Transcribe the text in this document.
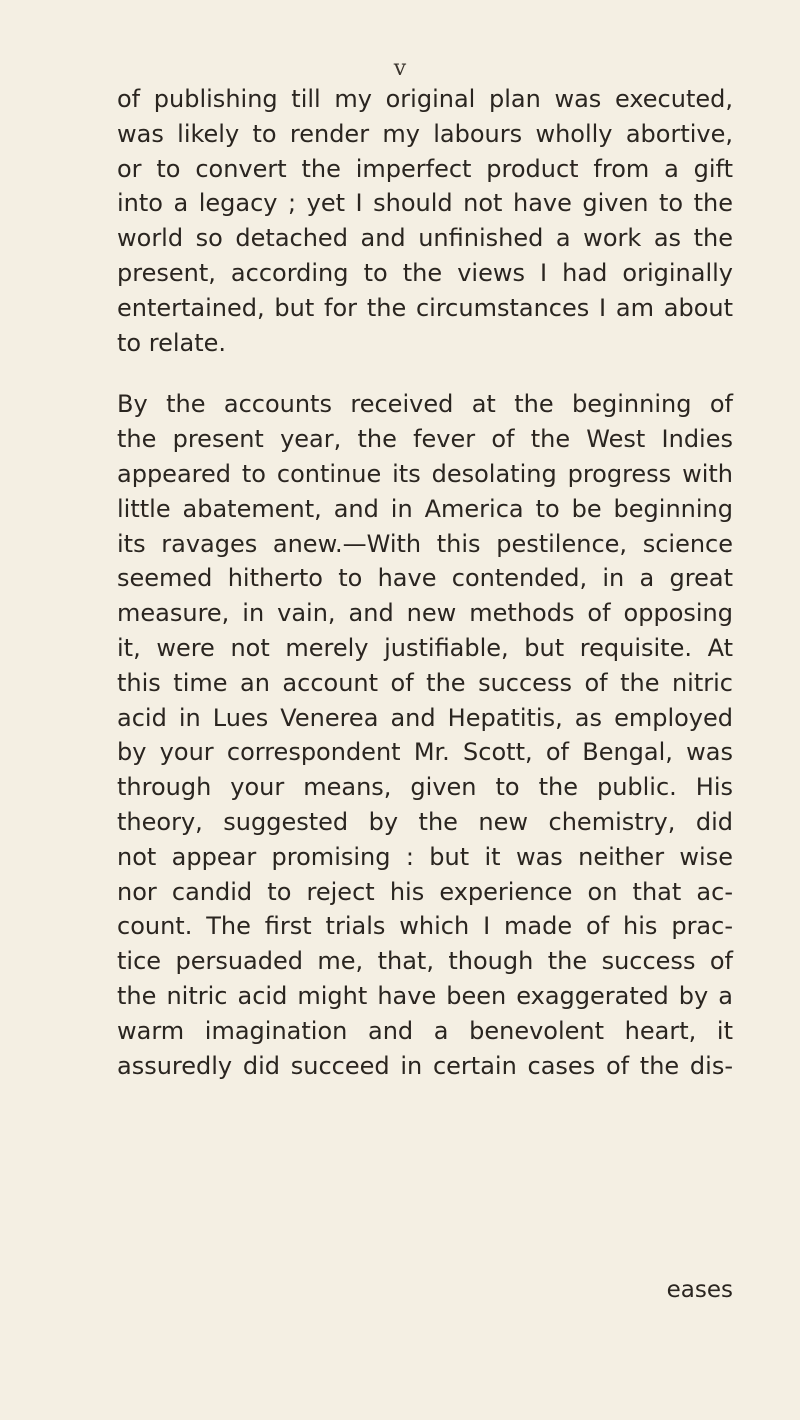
v
of publishing till my original plan was executed,
was likely to render my labours wholly abortive,
or to convert the imperfect product from a gift
into a legacy ; yet I should not have given to the
world so detached and unfinished a work as the
present, according to the views I had originally
entertained, but for the circumstances I am about
to relate.
By the accounts received at the beginning of
the present year, the fever of the West Indies
appeared to continue its desolating progress with
little abatement, and in America to be beginning
its ravages anew.—With this pestilence, science
seemed hitherto to have contended, in a great
measure, in vain, and new methods of opposing
it, were not merely justifiable, but requisite. At
this time an account of the success of the nitric
acid in Lues Venerea and Hepatitis, as employed
by your correspondent Mr. Scott, of Bengal, was
through your means, given to the public. His
theory, suggested by the new chemistry, did
not appear promising : but it was neither wise
nor candid to reject his experience on that ac-
count. The first trials which I made of his prac-
tice persuaded me, that, though the success of
the nitric acid might have been exaggerated by a
warm imagination and a benevolent heart, it
assuredly did succeed in certain cases of the dis-
eases
